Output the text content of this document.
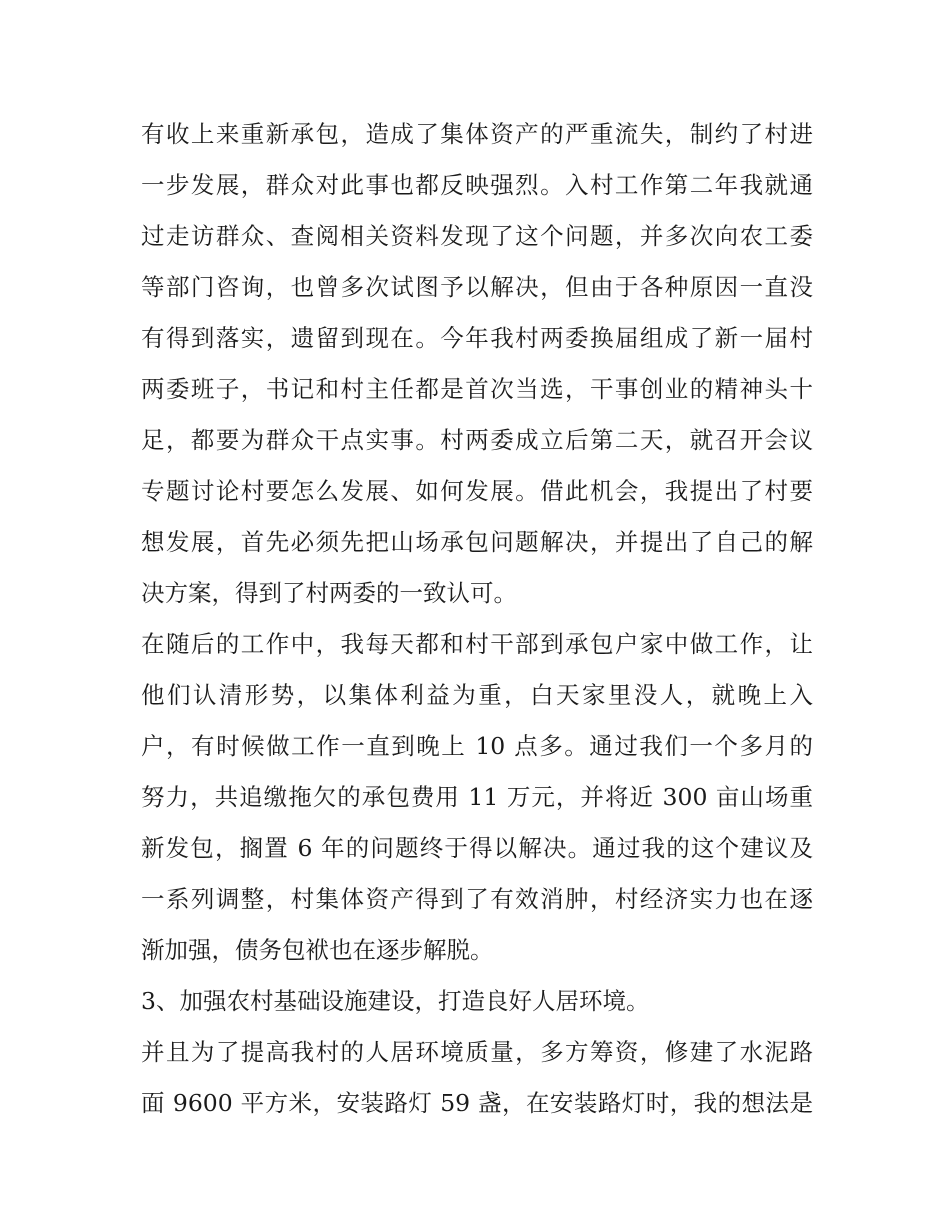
有收上来重新承包，造成了集体资产的严重流失，制约了村进
一步发展，群众对此事也都反映强烈。入村工作第二年我就通
过走访群众、查阅相关资料发现了这个问题，并多次向农工委
等部门咨询，也曾多次试图予以解决，但由于各种原因一直没
有得到落实，遗留到现在。今年我村两委换届组成了新一届村
两委班子，书记和村主任都是首次当选，干事创业的精神头十
足，都要为群众干点实事。村两委成立后第二天，就召开会议
专题讨论村要怎么发展、如何发展。借此机会，我提出了村要
想发展，首先必须先把山场承包问题解决，并提出了自己的解
决方案，得到了村两委的一致认可。
在随后的工作中，我每天都和村干部到承包户家中做工作，让
他们认清形势，以集体利益为重，白天家里没人，就晚上入
户，有时候做工作一直到晚上 10 点多。通过我们一个多月的
努力，共追缴拖欠的承包费用 11 万元，并将近 300 亩山场重
新发包，搁置 6 年的问题终于得以解决。通过我的这个建议及
一系列调整，村集体资产得到了有效消肿，村经济实力也在逐
渐加强，债务包袱也在逐步解脱。
3、加强农村基础设施建设，打造良好人居环境。
并且为了提高我村的人居环境质量，多方筹资，修建了水泥路
面 9600 平方米，安装路灯 59 盏，在安装路灯时，我的想法是
